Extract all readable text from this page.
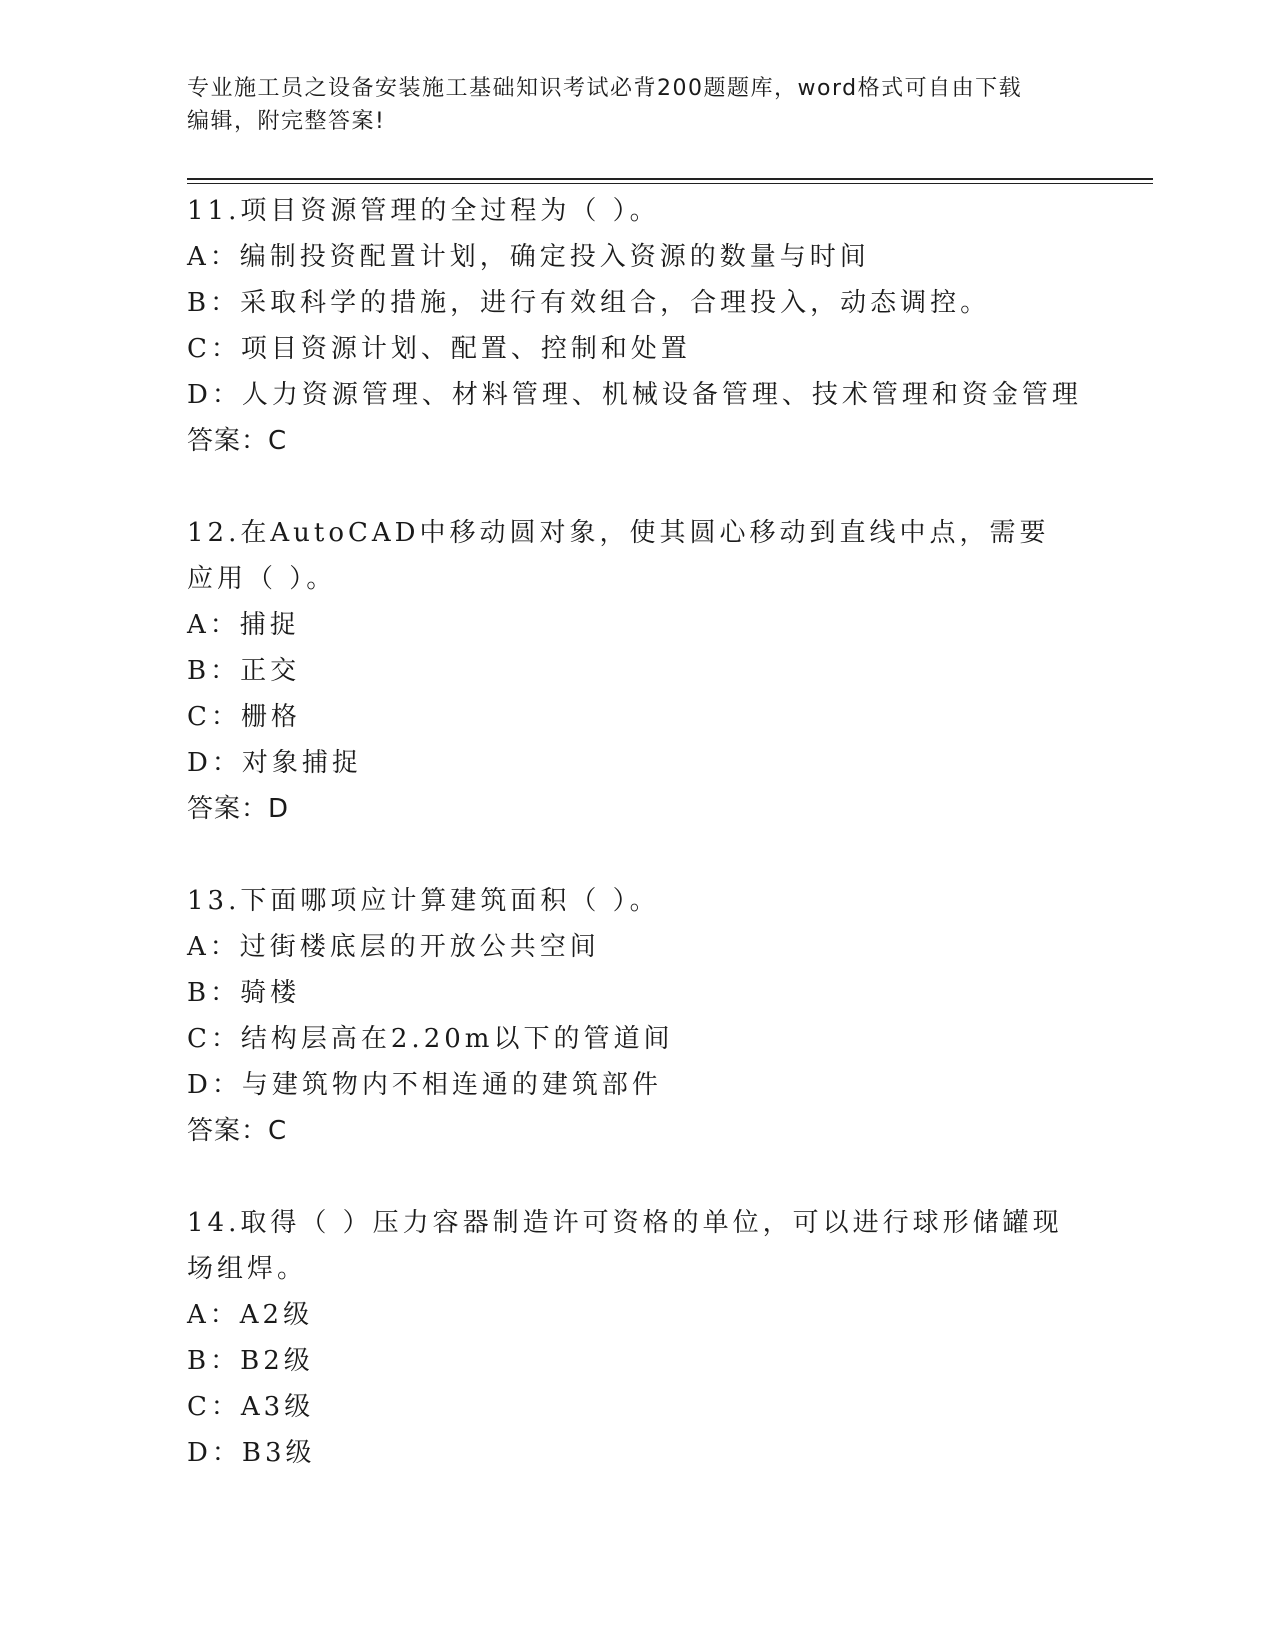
专业施工员之设备安装施工基础知识考试必背200题题库，word格式可自由下载
编辑，附完整答案!
11.项目资源管理的全过程为（ ）。
A：编制投资配置计划，确定投入资源的数量与时间
B：采取科学的措施，进行有效组合，合理投入，动态调控。
C：项目资源计划、配置、控制和处置
D：人力资源管理、材料管理、机械设备管理、技术管理和资金管理
答案：C
12.在AutoCAD中移动圆对象，使其圆心移动到直线中点，需要应用（ ）。
A：捕捉
B：正交
C：栅格
D：对象捕捉
答案：D
13.下面哪项应计算建筑面积（ ）。
A：过街楼底层的开放公共空间
B：骑楼
C：结构层高在2.20m以下的管道间
D：与建筑物内不相连通的建筑部件
答案：C
14.取得（ ）压力容器制造许可资格的单位，可以进行球形储罐现场组焊。
A：A2级
B：B2级
C：A3级
D：B3级
